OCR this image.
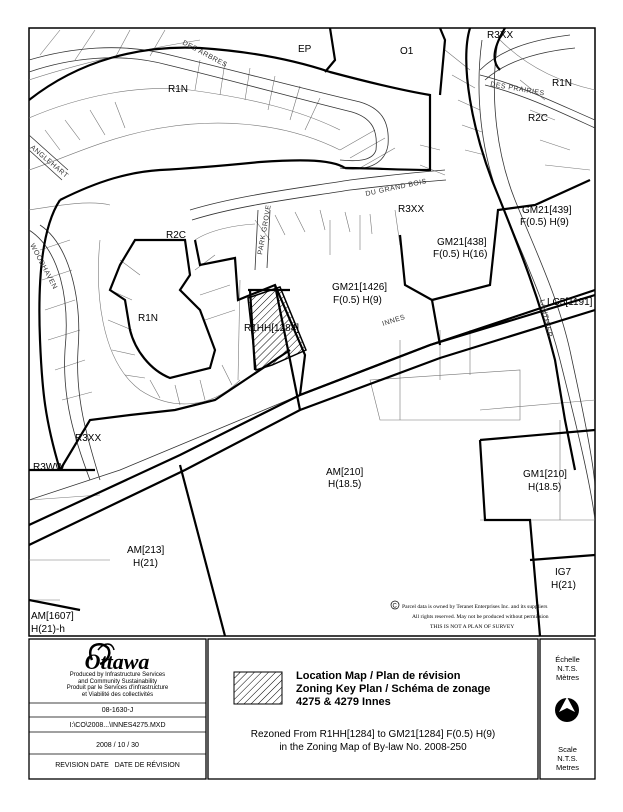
R3XX
EP	O1
R1N
R1N
R2C
R3XX	GM21[439]
F(0.5) H(9)
GM21[438]
F(0.5) H(16)
R2C
GM21[1426]
F(0.5) H(9)	LC5[1191]
R1N
R1HH[1284]
R3XX
R3WW	AM[210]
H(18.5)
GM1[210]
H(18.5)
AM[213]
H(21)
IG7
H(21)
AM[1607]
H(21)-h
DES ARBRES
ANGLEHART
DES PRAIRIES
DU GRAND BOIS
PARK GROVE
WOODHAVEN
INNES	LANTHIER
C Parcel data is owned by Teranet Enterprises Inc. and its suppliers
All rights reserved. May not be produced without permission
THIS IS NOT A PLAN OF SURVEY
Ottawa
Produced by Infrastructure Services
and Community Sustainability
Produit par le Services d'infrastructure
et Viabilité des collectivités
08-1630-J
I:\CO\2008...\INNES4275.MXD
2008 / 10 / 30
REVISION DATE   DATE DE RÉVISION
Location Map / Plan de révision
Zoning Key Plan / Schéma de zonage
4275 & 4279 Innes
Rezoned From R1HH[1284] to GM21[1284] F(0.5) H(9)
in the Zoning Map of By-law No. 2008-250
Échelle
N.T.S.
Mètres
N
Scale
N.T.S.
Metres
